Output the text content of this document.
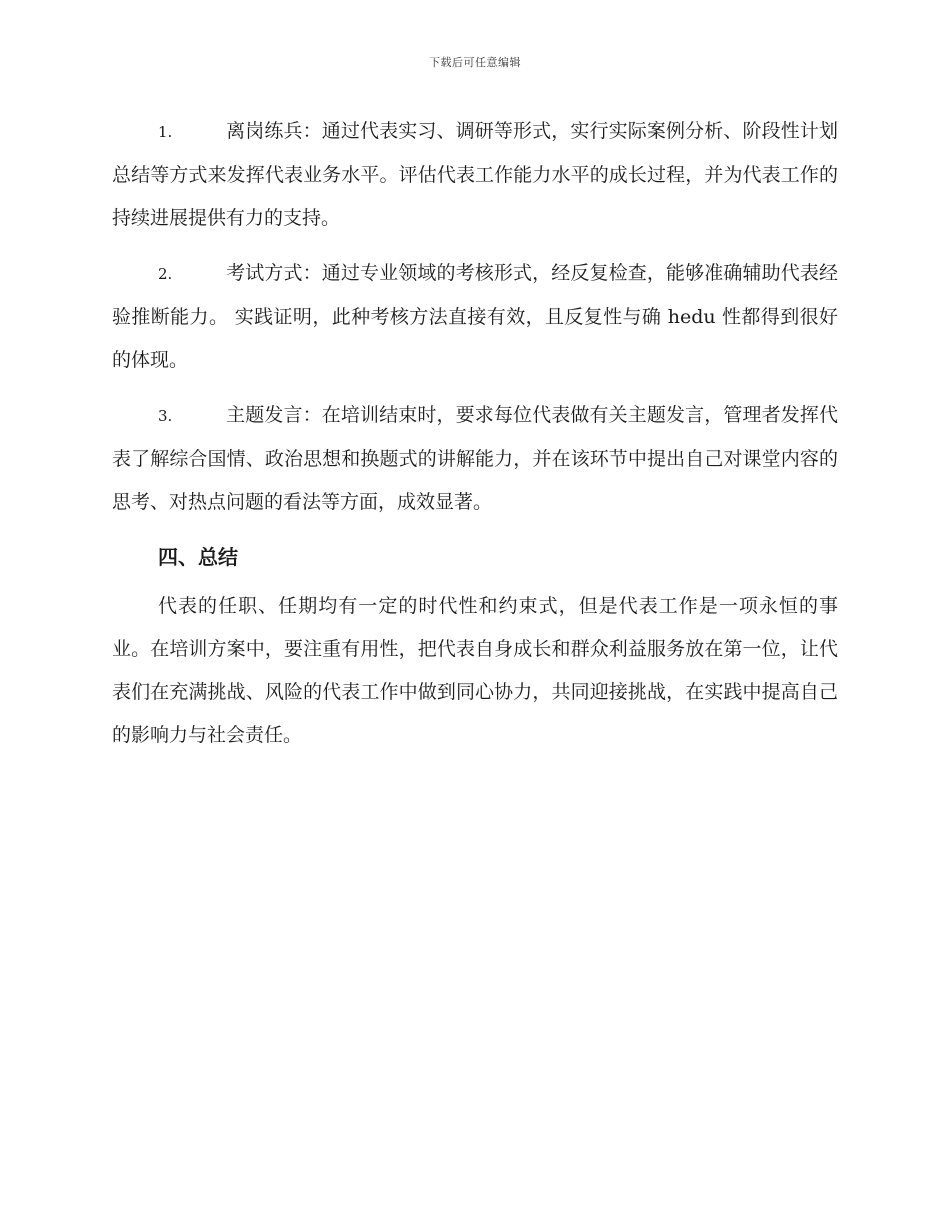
下载后可任意编辑

1.	离岗练兵：通过代表实习、调研等形式，实行实际案例分析、阶段性计划总结等方式来发挥代表业务水平。评估代表工作能力水平的成长过程，并为代表工作的持续进展提供有力的支持。

2.	考试方式：通过专业领域的考核形式，经反复检查，能够准确辅助代表经验推断能力。 实践证明，此种考核方法直接有效，且反复性与确 hedu 性都得到很好的体现。

3.	主题发言：在培训结束时，要求每位代表做有关主题发言，管理者发挥代表了解综合国情、政治思想和换题式的讲解能力，并在该环节中提出自己对课堂内容的思考、对热点问题的看法等方面，成效显著。

四、总结

代表的任职、任期均有一定的时代性和约束式，但是代表工作是一项永恒的事业。在培训方案中，要注重有用性，把代表自身成长和群众利益服务放在第一位，让代表们在充满挑战、风险的代表工作中做到同心协力，共同迎接挑战，在实践中提高自己的影响力与社会责任。
